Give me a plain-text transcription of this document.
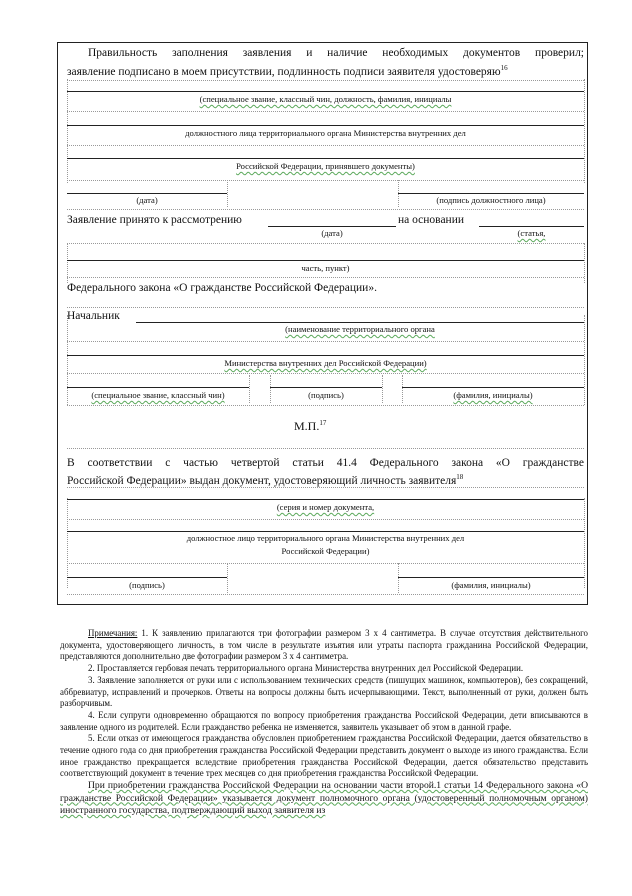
Правильность заполнения заявления и наличие необходимых документов проверил;
заявление подписано в моем присутствии, подлинность подписи заявителя удостоверяю$^{16}$
(специальное звание, классный чин, должность, фамилия, инициалы
должностного лица территориального органа Министерства внутренних дел
Российской Федерации, принявшего документы)
(дата)	(подпись должностного лица)
Заявление принято к рассмотрению	на основании
(дата)	(статья,
часть, пункт)
Федерального закона «О гражданстве Российской Федерации».
Начальник
(наименование территориального органа
Министерства внутренних дел Российской Федерации)
(специальное звание, классный чин)	(подпись)	(фамилия, инициалы)
М.П.$^{17}$
В соответствии с частью четвертой статьи 41.4 Федерального закона «О гражданстве
Российской Федерации» выдан документ, удостоверяющий личность заявителя$^{18}$
(серия и номер документа,
должностное лицо территориального органа Министерства внутренних дел
Российской Федерации)
(подпись)	(фамилия, инициалы)

Примечания: 1. К заявлению прилагаются три фотографии размером 3 х 4 сантиметра. В случае отсутствия действительного документа, удостоверяющего личность, в том числе в результате изъятия или утраты паспорта гражданина Российской Федерации, представляются дополнительно две фотографии размером 3 х 4 сантиметра.

2. Проставляется гербовая печать территориального органа Министерства внутренних дел Российской Федерации.

3. Заявление заполняется от руки или с использованием технических средств (пишущих машинок, компьютеров), без сокращений, аббревиатур, исправлений и прочерков. Ответы на вопросы должны быть исчерпывающими. Текст, выполненный от руки, должен быть разборчивым.

4. Если супруги одновременно обращаются по вопросу приобретения гражданства Российской Федерации, дети вписываются в заявление одного из родителей. Если гражданство ребенка не изменяется, заявитель указывает об этом в данной графе.

5. Если отказ от имеющегося гражданства обусловлен приобретением гражданства Российской Федерации, дается обязательство в течение одного года со дня приобретения гражданства Российской Федерации представить документ о выходе из иного гражданства. Если иное гражданство прекращается вследствие приобретения гражданства Российской Федерации, дается обязательство представить соответствующий документ в течение трех месяцев со дня приобретения гражданства Российской Федерации.

При приобретении гражданства Российской Федерации на основании части второй.1 статьи 14 Федерального закона «О гражданстве Российской Федерации» указывается документ полномочного органа (удостоверенный полномочным органом) иностранного государства, подтверждающий выход заявителя из
